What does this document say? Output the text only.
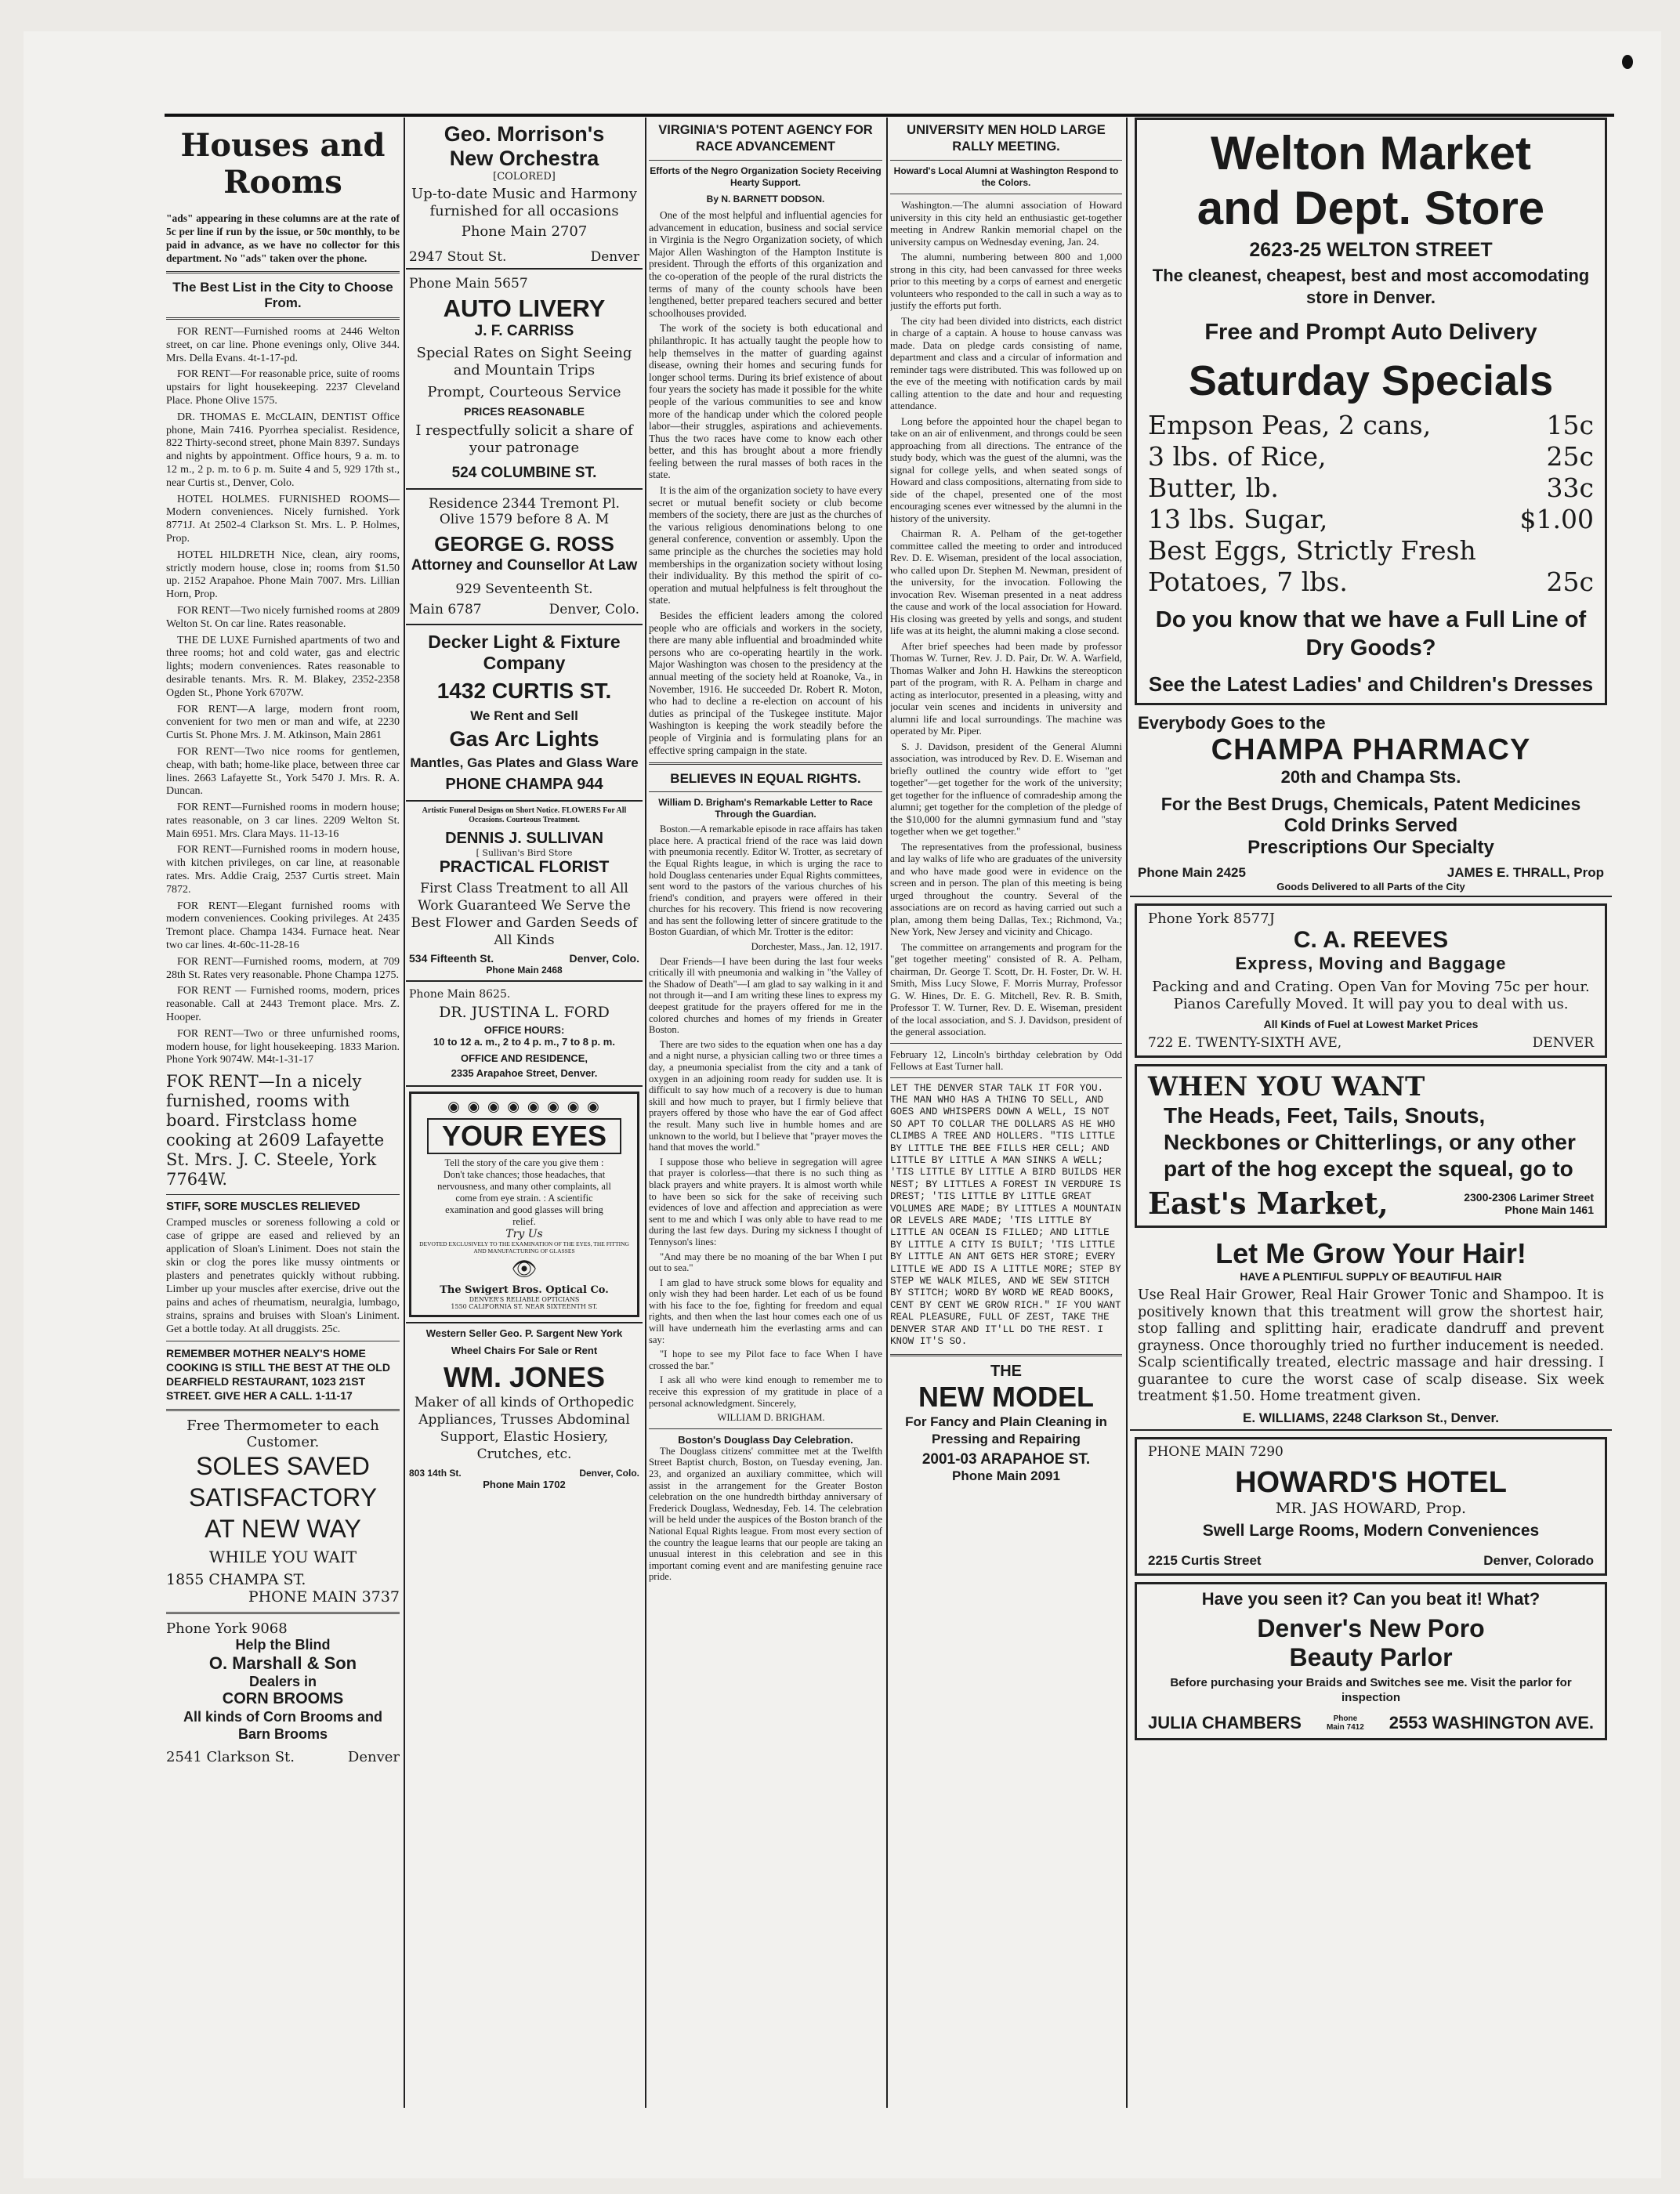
Houses and Rooms
"ads" appearing in these columns are at the rate of 5c per line if run by the issue, or 50c monthly, to be paid in advance, as we have no collector for this department. No "ads" taken over the phone.
The Best List in the City to Choose From.

FOR RENT—Furnished rooms at 2446 Welton street, on car line. Phone evenings only, Olive 344. Mrs. Della Evans. 4t-1-17-pd.

FOR RENT—For reasonable price, suite of rooms upstairs for light housekeeping. 2237 Cleveland Place. Phone Olive 1575.

DR. THOMAS E. McCLAIN, DENTIST Office phone, Main 7416. Pyorrhea specialist. Residence, 822 Thirty-second street, phone Main 8397. Sundays and nights by appointment. Office hours, 9 a. m. to 12 m., 2 p. m. to 6 p. m. Suite 4 and 5, 929 17th st., near Curtis st., Denver, Colo.

HOTEL HOLMES. FURNISHED ROOMS—Modern conveniences. Nicely furnished. York 8771J. At 2502-4 Clarkson St. Mrs. L. P. Holmes, Prop.

HOTEL HILDRETH Nice, clean, airy rooms, strictly modern house, close in; rooms from $1.50 up. 2152 Arapahoe. Phone Main 7007. Mrs. Lillian Horn, Prop.

FOR RENT—Two nicely furnished rooms at 2809 Welton St. On car line. Rates reasonable.

THE DE LUXE Furnished apartments of two and three rooms; hot and cold water, gas and electric lights; modern conveniences. Rates reasonable to desirable tenants. Mrs. R. M. Blakey, 2352-2358 Ogden St., Phone York 6707W.

FOR RENT—A large, modern front room, convenient for two men or man and wife, at 2230 Curtis St. Phone Mrs. J. M. Atkinson, Main 2861

FOR RENT—Two nice rooms for gentlemen, cheap, with bath; home-like place, between three car lines. 2663 Lafayette St., York 5470 J. Mrs. R. A. Duncan.

FOR RENT—Furnished rooms in modern house; rates reasonable, on 3 car lines. 2209 Welton St. Main 6951. Mrs. Clara Mays. 11-13-16

FOR RENT—Furnished rooms in modern house, with kitchen privileges, on car line, at reasonable rates. Mrs. Addie Craig, 2537 Curtis street. Main 7872.

FOR RENT—Elegant furnished rooms with modern conveniences. Cooking privileges. At 2435 Tremont place. Champa 1434. Furnace heat. Near two car lines. 4t-60c-11-28-16

FOR RENT—Furnished rooms, modern, at 709 28th St. Rates very reasonable. Phone Champa 1275.

FOR RENT — Furnished rooms, modern, prices reasonable. Call at 2443 Tremont place. Mrs. Z. Hooper.

FOR RENT—Two or three unfurnished rooms, modern house, for light housekeeping. 1833 Marion. Phone York 9074W. M4t-1-31-17

FOK RENT—In a nicely furnished, rooms with board. Firstclass home cooking at 2609 Lafayette St. Mrs. J. C. Steele, York 7764W.
STIFF, SORE MUSCLES RELIEVED
Cramped muscles or soreness following a cold or case of grippe are eased and relieved by an application of Sloan's Liniment. Does not stain the skin or clog the pores like mussy ointments or plasters and penetrates quickly without rubbing. Limber up your muscles after exercise, drive out the pains and aches of rheumatism, neuralgia, lumbago, strains, sprains and bruises with Sloan's Liniment. Get a bottle today. At all druggists. 25c.
REMEMBER MOTHER NEALY'S HOME COOKING IS STILL THE BEST AT THE OLD DEARFIELD RESTAURANT, 1023 21ST STREET. GIVE HER A CALL. 1-11-17
Free Thermometer to each Customer.
SOLES SAVED
SATISFACTORY
AT NEW WAY
WHILE YOU WAIT
1855 CHAMPA ST.
PHONE MAIN 3737
Phone York 9068
Help the Blind
O. Marshall & Son
Dealers in
CORN BROOMS
All kinds of Corn Brooms and Barn Brooms
2541 Clarkson St.	Denver
Geo. Morrison's
New Orchestra
[COLORED]
Up-to-date Music and Harmony furnished for all occasions
Phone Main 2707
2947 Stout St.	Denver
Phone Main 5657
AUTO LIVERY
J. F. CARRISS
Special Rates on Sight Seeing and Mountain Trips
Prompt, Courteous Service
PRICES REASONABLE
I respectfully solicit a share of your patronage
524 COLUMBINE ST.
Residence 2344 Tremont Pl.
Olive 1579 before 8 A. M
GEORGE G. ROSS
Attorney and Counsellor At Law
929 Seventeenth St.
Main 6787	Denver, Colo.
Decker Light & Fixture Company
1432 CURTIS ST.
We Rent and Sell
Gas Arc Lights
Mantles, Gas Plates and Glass Ware
PHONE CHAMPA 944
Artistic Funeral Designs on Short Notice. FLOWERS For All Occasions. Courteous Treatment.
DENNIS J. SULLIVAN
[ Sullivan's Bird Store
PRACTICAL FLORIST
First Class Treatment to all All Work Guaranteed We Serve the Best Flower and Garden Seeds of All Kinds
534 Fifteenth St.	Denver, Colo.
Phone Main 2468
Phone Main 8625.
DR. JUSTINA L. FORD
OFFICE HOURS:
10 to 12 a. m., 2 to 4 p. m., 7 to 8 p. m.
OFFICE AND RESIDENCE,
2335 Arapahoe Street, Denver.
◉ ◉ ◉ ◉ ◉ ◉ ◉ ◉
YOUR EYES
Tell the story of the care you give them : Don't take chances; those headaches, that nervousness, and many other complaints, all come from eye strain. : A scientific examination and good glasses will bring relief.
Try Us
DEVOTED EXCLUSIVELY TO THE EXAMINATION OF THE EYES, THE FITTING AND MANUFACTURING OF GLASSES
👁
The Swigert Bros. Optical Co.
DENVER'S RELIABLE OPTICIANS
1550 CALIFORNIA ST. NEAR SIXTEENTH ST.
Western Seller Geo. P. Sargent New York
Wheel Chairs For Sale or Rent
WM. JONES
Maker of all kinds of Orthopedic Appliances, Trusses Abdominal Support, Elastic Hosiery, Crutches, etc.
803 14th St.	Denver, Colo.
Phone Main 1702
VIRGINIA'S POTENT AGENCY FOR RACE ADVANCEMENT
Efforts of the Negro Organization Society Receiving Hearty Support.
By N. BARNETT DODSON.

One of the most helpful and influential agencies for advancement in education, business and social service in Virginia is the Negro Organization society, of which Major Allen Washington of the Hampton Institute is president. Through the efforts of this organization and the co-operation of the people of the rural districts the terms of many of the county schools have been lengthened, better prepared teachers secured and better schoolhouses provided.

The work of the society is both educational and philanthropic. It has actually taught the people how to help themselves in the matter of guarding against disease, owning their homes and securing funds for longer school terms. During its brief existence of about four years the society has made it possible for the white people of the various communities to see and know more of the handicap under which the colored people labor—their struggles, aspirations and achievements. Thus the two races have come to know each other better, and this has brought about a more friendly feeling between the rural masses of both races in the state.

It is the aim of the organization society to have every secret or mutual benefit society or club become members of the society, there are just as the churches of the various religious denominations belong to one general conference, convention or assembly. Upon the same principle as the churches the societies may hold memberships in the organization society without losing their individuality. By this method the spirit of co-operation and mutual helpfulness is felt throughout the state.

Besides the efficient leaders among the colored people who are officials and workers in the society, there are many able influential and broadminded white persons who are co-operating heartily in the work. Major Washington was chosen to the presidency at the annual meeting of the society held at Roanoke, Va., in November, 1916. He succeeded Dr. Robert R. Moton, who had to decline a re-election on account of his duties as principal of the Tuskegee institute. Major Washington is keeping the work steadily before the people of Virginia and is formulating plans for an effective spring campaign in the state.

BELIEVES IN EQUAL RIGHTS.
William D. Brigham's Remarkable Letter to Race Through the Guardian.

Boston.—A remarkable episode in race affairs has taken place here. A practical friend of the race was laid down with pneumonia recently. Editor W. Trotter, as secretary of the Equal Rights league, in which is urging the race to hold Douglass centenaries under Equal Rights committees, sent word to the pastors of the various churches of his friend's condition, and prayers were offered in their churches for his recovery. This friend is now recovering and has sent the following letter of sincere gratitude to the Boston Guardian, of which Mr. Trotter is the editor:

Dorchester, Mass., Jan. 12, 1917.

Dear Friends—I have been during the last four weeks critically ill with pneumonia and walking in "the Valley of the Shadow of Death"—I am glad to say walking in it and not through it—and I am writing these lines to express my deepest gratitude for the prayers offered for me in the colored churches and homes of my friends in Greater Boston.

There are two sides to the equation when one has a day and a night nurse, a physician calling two or three times a day, a pneumonia specialist from the city and a tank of oxygen in an adjoining room ready for sudden use. It is difficult to say how much of a recovery is due to human skill and how much to prayer, but I firmly believe that prayers offered by those who have the ear of God affect the result. Many such live in humble homes and are unknown to the world, but I believe that "prayer moves the hand that moves the world."

I suppose those who believe in segregation will agree that prayer is colorless—that there is no such thing as black prayers and white prayers. It is almost worth while to have been so sick for the sake of receiving such evidences of love and affection and appreciation as were sent to me and which I was only able to have read to me during the last few days. During my sickness I thought of Tennyson's lines:

"And may there be no moaning of the bar When I put out to sea."

I am glad to have struck some blows for equality and only wish they had been harder. Let each of us be found with his face to the foe, fighting for freedom and equal rights, and then when the last hour comes each one of us will have underneath him the everlasting arms and can say:

"I hope to see my Pilot face to face When I have crossed the bar."

I ask all who were kind enough to remember me to receive this expression of my gratitude in place of a personal acknowledgment. Sincerely,

WILLIAM D. BRIGHAM.

Boston's Douglass Day Celebration.

The Douglass citizens' committee met at the Twelfth Street Baptist church, Boston, on Tuesday evening, Jan. 23, and organized an auxiliary committee, which will assist in the arrangement for the Greater Boston celebration on the one hundredth birthday anniversary of Frederick Douglass, Wednesday, Feb. 14. The celebration will be held under the auspices of the Boston branch of the National Equal Rights league. From most every section of the country the league learns that our people are taking an unusual interest in this celebration and see in this important coming event and are manifesting genuine race pride.

UNIVERSITY MEN HOLD LARGE RALLY MEETING.
Howard's Local Alumni at Washington Respond to the Colors.

Washington.—The alumni association of Howard university in this city held an enthusiastic get-together meeting in Andrew Rankin memorial chapel on the university campus on Wednesday evening, Jan. 24.

The alumni, numbering between 800 and 1,000 strong in this city, had been canvassed for three weeks prior to this meeting by a corps of earnest and energetic volunteers who responded to the call in such a way as to justify the efforts put forth.

The city had been divided into districts, each district in charge of a captain. A house to house canvass was made. Data on pledge cards consisting of name, department and class and a circular of information and reminder tags were distributed. This was followed up on the eve of the meeting with notification cards by mail calling attention to the date and hour and requesting attendance.

Long before the appointed hour the chapel began to take on an air of enlivenment, and throngs could be seen approaching from all directions. The entrance of the study body, which was the guest of the alumni, was the signal for college yells, and when seated songs of Howard and class compositions, alternating from side to side of the chapel, presented one of the most encouraging scenes ever witnessed by the alumni in the history of the university.

Chairman R. A. Pelham of the get-together committee called the meeting to order and introduced Rev. D. E. Wiseman, president of the local association, who called upon Dr. Stephen M. Newman, president of the university, for the invocation. Following the invocation Rev. Wiseman presented in a neat address the cause and work of the local association for Howard. His closing was greeted by yells and songs, and student life was at its height, the alumni making a close second.

After brief speeches had been made by professor Thomas W. Turner, Rev. J. D. Pair, Dr. W. A. Warfield, Thomas Walker and John H. Hawkins the stereopticon part of the program, with R. A. Pelham in charge and acting as interlocutor, presented in a pleasing, witty and jocular vein scenes and incidents in university and alumni life and local surroundings. The machine was operated by Mr. Piper.

S. J. Davidson, president of the General Alumni association, was introduced by Rev. D. E. Wiseman and briefly outlined the country wide effort to "get together"—get together for the work of the university; get together for the influence of comradeship among the alumni; get together for the completion of the pledge of the $10,000 for the alumni gymnasium fund and "stay together when we get together."

The representatives from the professional, business and lay walks of life who are graduates of the university and who have made good were in evidence on the screen and in person. The plan of this meeting is being urged throughout the country. Several of the associations are on record as having carried out such a plan, among them being Dallas, Tex.; Richmond, Va.; New York, New Jersey and vicinity and Chicago.

The committee on arrangements and program for the "get together meeting" consisted of R. A. Pelham, chairman, Dr. George T. Scott, Dr. H. Foster, Dr. W. H. Smith, Miss Lucy Slowe, F. Morris Murray, Professor G. W. Hines, Dr. E. G. Mitchell, Rev. R. B. Smith, Professor T. W. Turner, Rev. D. E. Wiseman, president of the local association, and S. J. Davidson, president of the general association.

February 12, Lincoln's birthday celebration by Odd Fellows at East Turner hall.
LET THE DENVER STAR TALK IT FOR YOU. THE MAN WHO HAS A THING TO SELL, AND GOES AND WHISPERS DOWN A WELL, IS NOT SO APT TO COLLAR THE DOLLARS AS HE WHO CLIMBS A TREE AND HOLLERS. "TIS LITTLE BY LITTLE THE BEE FILLS HER CELL; AND LITTLE BY LITTLE A MAN SINKS A WELL; 'TIS LITTLE BY LITTLE A BIRD BUILDS HER NEST; BY LITTLES A FOREST IN VERDURE IS DREST; 'TIS LITTLE BY LITTLE GREAT VOLUMES ARE MADE; BY LITTLES A MOUNTAIN OR LEVELS ARE MADE; 'TIS LITTLE BY LITTLE AN OCEAN IS FILLED; AND LITTLE BY LITTLE A CITY IS BUILT; 'TIS LITTLE BY LITTLE AN ANT GETS HER STORE; EVERY LITTLE WE ADD IS A LITTLE MORE; STEP BY STEP WE WALK MILES, AND WE SEW STITCH BY STITCH; WORD BY WORD WE READ BOOKS, CENT BY CENT WE GROW RICH." IF YOU WANT REAL PLEASURE, FULL OF ZEST, TAKE THE DENVER STAR AND IT'LL DO THE REST. I KNOW IT'S SO.
THE
NEW MODEL
For Fancy and Plain Cleaning in Pressing and Repairing
2001-03 ARAPAHOE ST.
Phone Main 2091
Welton Market
and Dept. Store
2623-25 WELTON STREET
The cleanest, cheapest, best and most accomodating store in Denver.
Free and Prompt Auto Delivery
Saturday Specials
Empson Peas, 2 cans,	15c
3 lbs. of Rice,	25c
Butter, lb.	33c
13 lbs. Sugar,	$1.00
Best Eggs, Strictly Fresh
Potatoes, 7 lbs.	25c
Do you know that we have a Full Line of Dry Goods?
See the Latest Ladies' and Children's Dresses
Everybody Goes to the
CHAMPA PHARMACY
20th and Champa Sts.
For the Best Drugs, Chemicals, Patent Medicines
Cold Drinks Served
Prescriptions Our Specialty
Phone Main 2425	JAMES E. THRALL, Prop
Goods Delivered to all Parts of the City
Phone York 8577J
C. A. REEVES
Express, Moving and Baggage
Packing and and Crating. Open Van for Moving 75c per hour. Pianos Carefully Moved. It will pay you to deal with us.
All Kinds of Fuel at Lowest Market Prices
722 E. TWENTY-SIXTH AVE,	DENVER
WHEN YOU WANT
The Heads, Feet, Tails, Snouts, Neckbones or Chitterlings, or any other part of the hog except the squeal, go to
East's Market,	2300-2306 Larimer Street
Phone Main 1461
Let Me Grow Your Hair!
HAVE A PLENTIFUL SUPPLY OF BEAUTIFUL HAIR
Use Real Hair Grower, Real Hair Grower Tonic and Shampoo. It is positively known that this treatment will grow the shortest hair, stop falling and splitting hair, eradicate dandruff and prevent grayness. Once thoroughly tried no further inducement is needed. Scalp scientifically treated, electric massage and hair dressing. I guarantee to cure the worst case of scalp disease. Six week treatment $1.50. Home treatment given.
E. WILLIAMS, 2248 Clarkson St., Denver.
PHONE MAIN 7290
HOWARD'S HOTEL
MR. JAS HOWARD, Prop.
Swell Large Rooms, Modern Conveniences
2215 Curtis Street	Denver, Colorado
Have you seen it? Can you beat it! What?
Denver's New Poro
Beauty Parlor
Before purchasing your Braids and Switches see me. Visit the parlor for inspection
JULIA CHAMBERS	Phone Main 7412 2553 WASHINGTON AVE.
